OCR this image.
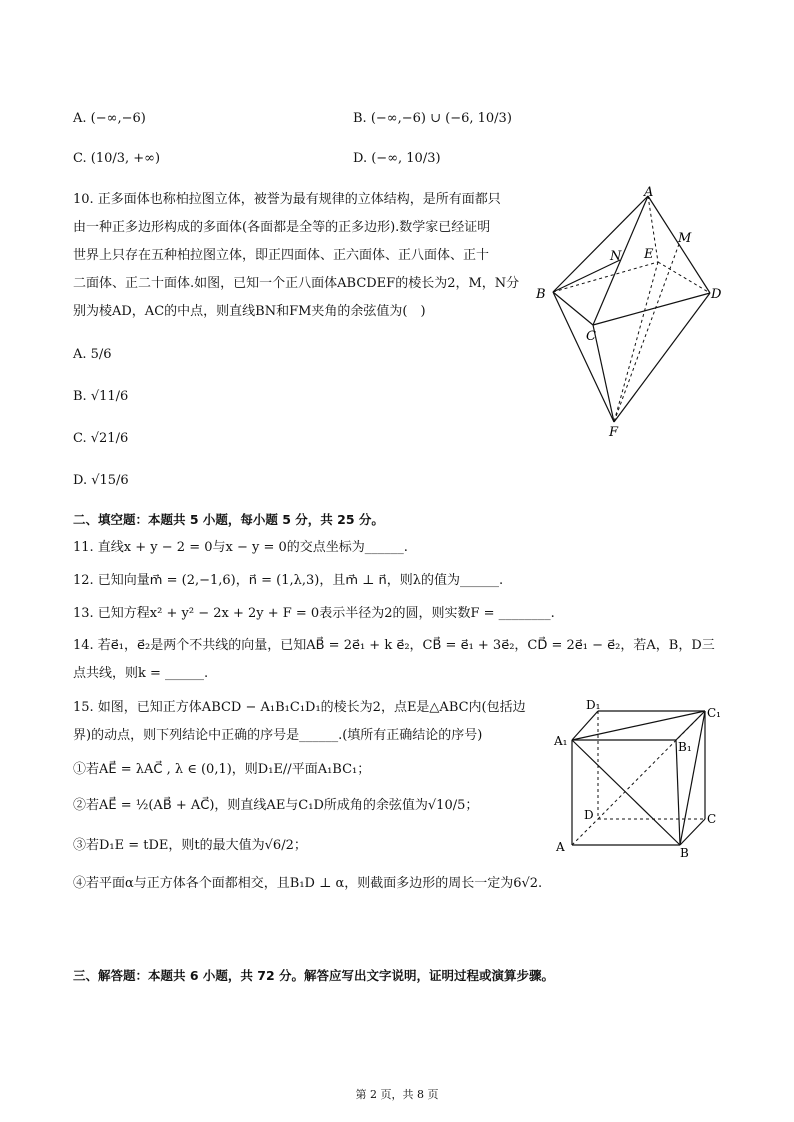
A. (−∞,−6)	B. (−∞,−6) ∪ (−6, 10/3)
C. (10/3, +∞)	D. (−∞, 10/3)
10. 正多面体也称柏拉图立体，被誉为最有规律的立体结构，是所有面都只
由一种正多边形构成的多面体(各面都是全等的正多边形).数学家已经证明
世界上只存在五种柏拉图立体，即正四面体、正六面体、正八面体、正十
二面体、正二十面体.如图，已知一个正八面体ABCDEF的棱长为2，M，N分
别为棱AD，AC的中点，则直线BN和FM夹角的余弦值为(　)
A. 5/6
B. √11/6
C. √21/6
D. √15/6
A
B
C
D
E
F
M
N
二、填空题：本题共 5 小题，每小题 5 分，共 25 分。
11. 直线x + y − 2 = 0与x − y = 0的交点坐标为______.
12. 已知向量m⃗ = (2,−1,6)，n⃗ = (1,λ,3)，且m⃗ ⊥ n⃗，则λ的值为______.
13. 已知方程x² + y² − 2x + 2y + F = 0表示半径为2的圆，则实数F = ________.
14. 若e⃗₁，e⃗₂是两个不共线的向量，已知AB⃗ = 2e⃗₁ + k e⃗₂，CB⃗ = e⃗₁ + 3e⃗₂，CD⃗ = 2e⃗₁ − e⃗₂，若A，B，D三
点共线，则k = ______.
15. 如图，已知正方体ABCD − A₁B₁C₁D₁的棱长为2，点E是△ABC内(包括边
界)的动点，则下列结论中正确的序号是______.(填所有正确结论的序号)
①若AE⃗ = λAC⃗ , λ ∈ (0,1)，则D₁E//平面A₁BC₁；
②若AE⃗ = ½(AB⃗ + AC⃗)，则直线AE与C₁D所成角的余弦值为√10/5；
③若D₁E = tDE，则t的最大值为√6/2；
④若平面α与正方体各个面都相交，且B₁D ⊥ α，则截面多边形的周长一定为6√2.
D₁
C₁
A₁	B₁
D	C
A	B
三、解答题：本题共 6 小题，共 72 分。解答应写出文字说明，证明过程或演算步骤。
第 2 页，共 8 页
